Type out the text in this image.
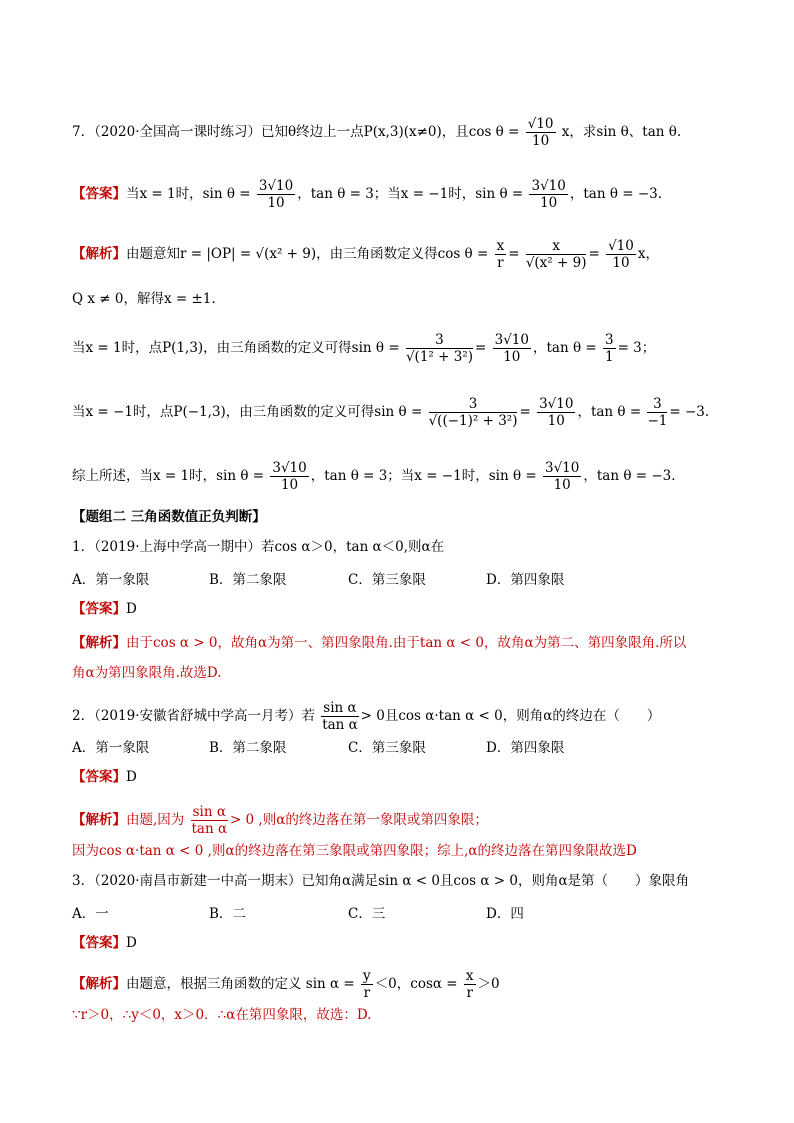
7．（2020·全国高一课时练习）已知θ终边上一点P(x,3)(x≠0)，且$\cos \theta = \frac{√10}{10}$ x，求sin θ、tan θ.
【答案】当x = 1时，$\sin \theta = \frac{3√10}{10}$ ，tan θ = 3；当x = −1时，$\sin \theta = \frac{3√10}{10}$ ，tan θ = −3.
【解析】由题意知r = |OP| = √(x² + 9)，由三角函数定义得$\cos \theta = \frac{x}{r} = \frac{x}{\text{√(x² + 9)}} = \frac{√10}{10}$ x，
Q x ≠ 0，解得x = ±1.
当x = 1时，点P(1,3)，由三角函数的定义可得$\sin \theta = \frac{3}{\text{√(1² + 3²)}} = \frac{3√10}{10}$ ，$\tan \theta = \frac{3}{1} = 3$；
当x = −1时，点P(−1,3)，由三角函数的定义可得$\sin \theta = \frac{3}{\text{√((−1)² + 3²)}} = \frac{3√10}{10}$ ，$\tan \theta = \frac{3}{-1} = -3$.
综上所述，当x = 1时，$\sin \theta = \frac{3√10}{10}$ ，tan θ = 3；当x = −1时，$\sin \theta = \frac{3√10}{10}$ ，tan θ = −3.
【题组二 三角函数值正负判断】
1．（2019·上海中学高一期中）若cos α＞0，tan α＜0,则α在
A．第一象限	B．第二象限	C．第三象限	D．第四象限
【答案】D
【解析】由于cos α > 0，故角α为第一、第四象限角.由于tan α < 0，故角α为第二、第四象限角.所以
角α为第四象限角.故选D.
2．（2019·安徽省舒城中学高一月考）若 $\frac{\text{sin α}}{\text{tan α}} > 0$且cos α·tan α < 0，则角α的终边在（　　）
A．第一象限	B．第二象限	C．第三象限	D．第四象限
【答案】D
【解析】由题,因为 $\frac{\text{sin α}}{\text{tan α}} > 0$ ,则α的终边落在第一象限或第四象限；
因为cos α·tan α < 0 ,则α的终边落在第三象限或第四象限；综上,α的终边落在第四象限故选D
3．（2020·南昌市新建一中高一期末）已知角α满足sin α < 0且cos α > 0，则角α是第（　　）象限角
A．一	B．二	C．三	D．四
【答案】D
【解析】由题意，根据三角函数的定义 $\sin \alpha = \frac{y}{r} <0$，$\cos\alpha = \frac{x}{r} >0$
∵r＞0，∴y＜0，x＞0．∴α在第四象限，故选：D.
